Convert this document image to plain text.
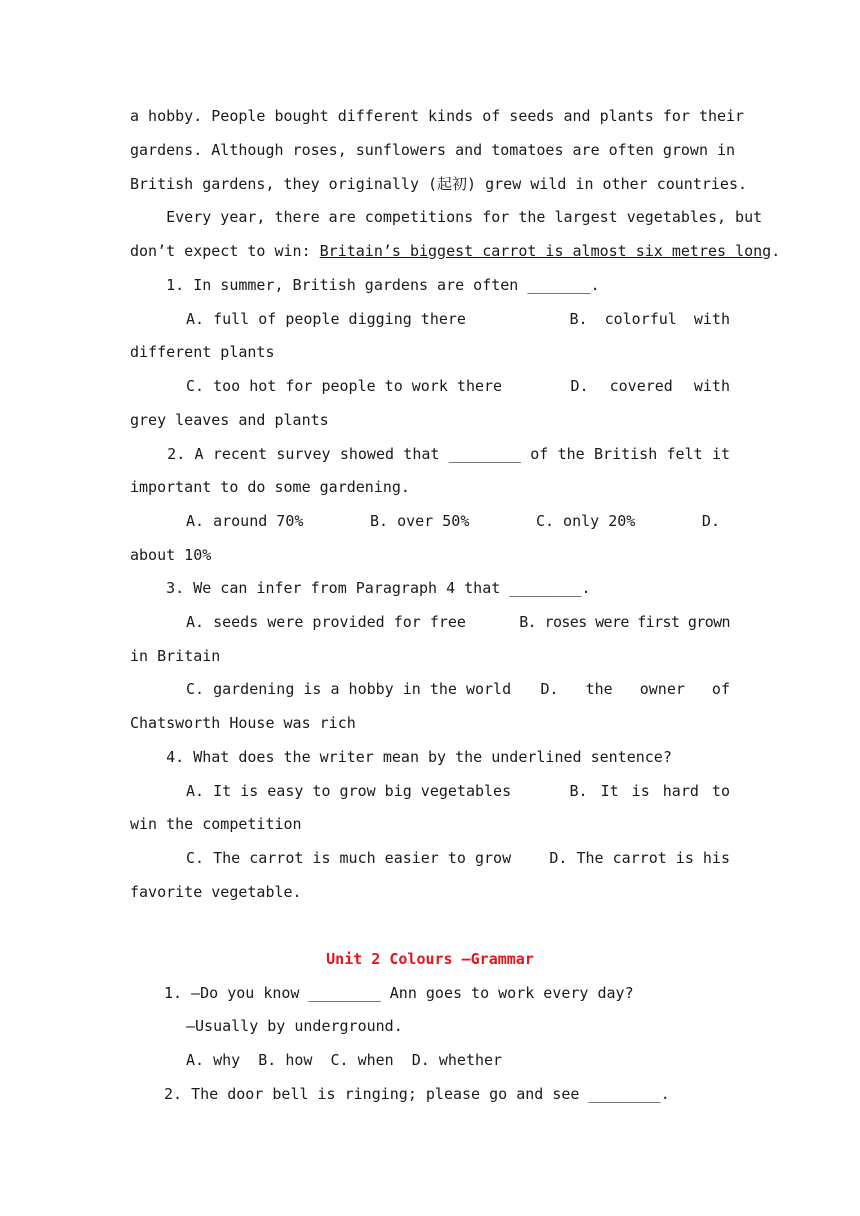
a hobby. People bought different kinds of seeds and plants for their
gardens. Although roses, sunflowers and tomatoes are often grown in
British gardens, they originally (起初) grew wild in other countries.
Every year, there are competitions for the largest vegetables, but
don’t expect to win: Britain’s biggest carrot is almost six metres long.
1. In summer, British gardens are often _______.
A. full of people digging there	B. colorful with
different plants
C. too hot for people to work there	D. covered with
grey leaves and plants
2. A recent survey showed that ________ of the British felt it
important to do some gardening.
A. around 70%	B. over 50%	C. only 20%	D.
about 10%
3. We can infer from Paragraph 4 that ________.
A. seeds were provided for free	B. roses were first grown
in Britain
C. gardening is a hobby in the world D. the owner of
Chatsworth House was rich
4. What does the writer mean by the underlined sentence?
A. It is easy to grow big vegetables	B. It is hard to
win the competition
C. The carrot is much easier to grow	D. The carrot is his
favorite vegetable.
Unit 2 Colours –Grammar
1. —Do you know ________ Ann goes to work every day?
—Usually by underground.
A. why  B. how  C. when  D. whether
2. The door bell is ringing; please go and see ________.
